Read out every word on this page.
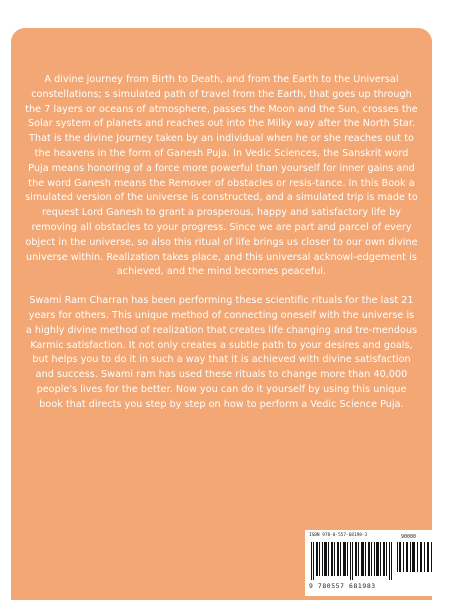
A divine journey from Birth to Death, and from the Earth to the Universal constellations; s simulated path of travel from the Earth, that goes up through the 7 layers or oceans of atmosphere, passes the Moon and the Sun, crosses the Solar system of planets and reaches out into the Milky way after the North Star. That is the divine Journey taken by an individual when he or she reaches out to the heavens in the form of Ganesh Puja. In Vedic Sciences, the Sanskrit word Puja means honoring of a force more powerful than yourself for inner gains and the word Ganesh means the Remover of obstacles or resis-tance. In this Book a simulated version of the universe is constructed, and a simulated trip is made to request Lord Ganesh to grant a prosperous, happy and satisfactory life by removing all obstacles to your progress. Since we are part and parcel of every object in the universe, so also this ritual of life brings us closer to our own divine universe within. Realization takes place, and this universal acknowl-edgement is achieved, and the mind becomes peaceful.

Swami Ram Charran has been performing these scientific rituals for the last 21 years for others. This unique method of connecting oneself with the universe is a highly divine method of realization that creates life changing and tre-mendous Karmic satisfaction. It not only creates a subtle path to your desires and goals, but helps you to do it in such a way that it is achieved with divine satisfaction and success. Swami ram has used these rituals to change more than 40,000 people's lives for the better. Now you can do it yourself by using this unique book that directs you step by step on how to perform a Vedic Science Puja.

ISBN 978-0-557-68198-3	90000
9 780557 681983
